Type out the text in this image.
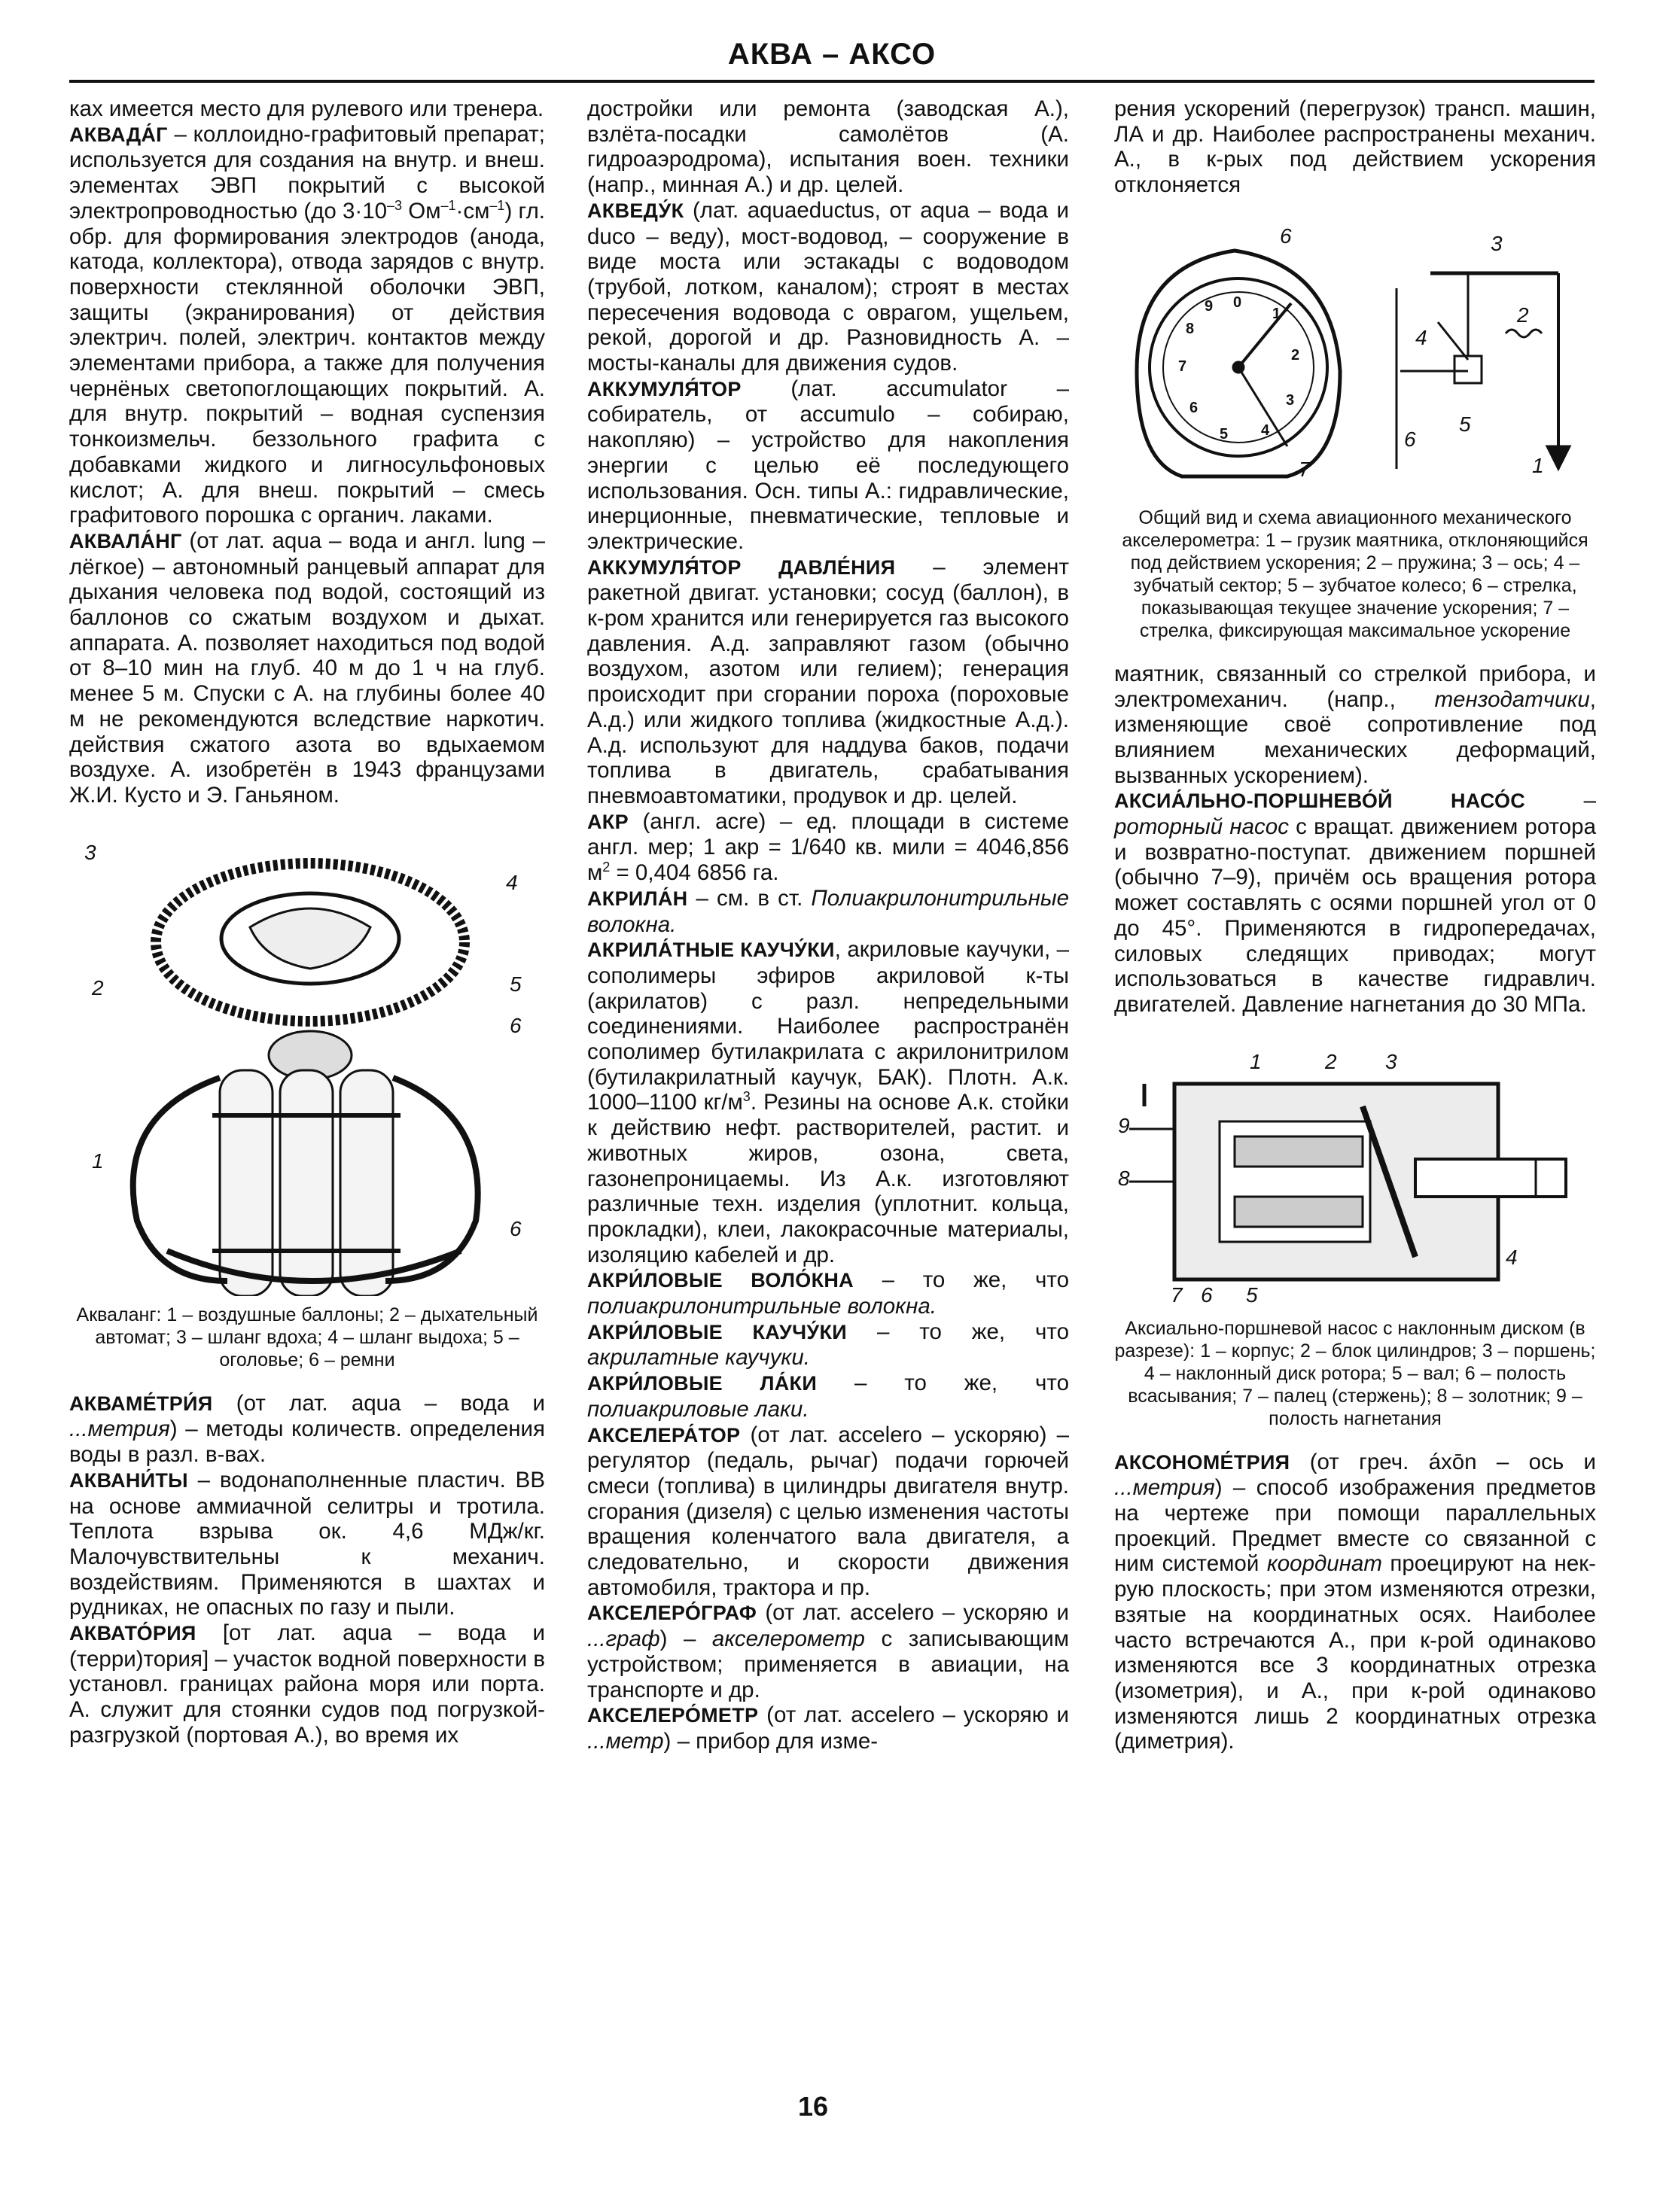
АКВА – АКСО

ках имеется место для рулевого или тренера.

АКВАДА́Г – коллоидно-графитовый препарат; используется для создания на внутр. и внеш. элементах ЭВП покрытий с высокой электропроводностью (до $3\cdot 10^{-3}$ $Ом^{-1}\cdot см^{-1}$) гл. обр. для формирования электродов (анода, катода, коллектора), отвода зарядов с внутр. поверхности стеклянной оболочки ЭВП, защиты (экранирования) от действия электрич. полей, электрич. контактов между элементами прибора, а также для получения чернёных светопоглощающих покрытий. А. для внутр. покрытий – водная суспензия тонкоизмельч. беззольного графита с добавками жидкого и лигносульфоновых кислот; А. для внеш. покрытий – смесь графитового порошка с органич. лаками.

АКВАЛА́НГ (от лат. aqua – вода и англ. lung – лёгкое) – автономный ранцевый аппарат для дыхания человека под водой, состоящий из баллонов со сжатым воздухом и дыхат. аппарата. А. позволяет находиться под водой от 8–10 мин на глуб. 40 м до 1 ч на глуб. менее 5 м. Спуски с А. на глубины более 40 м не рекомендуются вследствие наркотич. действия сжатого азота во вдыхаемом воздухе. А. изобретён в 1943 французами Ж.И. Кусто и Э. Ганьяном.

3
4
5
2
6
1
6
Акваланг: 1 – воздушные баллоны; 2 – дыхательный автомат; 3 – шланг вдоха; 4 – шланг выдоха; 5 – оголовье; 6 – ремни

АКВАМЕ́ТРИ́Я (от лат. aqua – вода и ...метрия) – методы количеств. определения воды в разл. в-вах.

АКВАНИ́ТЫ – водонаполненные пластич. ВВ на основе аммиачной селитры и тротила. Теплота взрыва ок. 4,6 МДж/кг. Малочувствительны к механич. воздействиям. Применяются в шахтах и рудниках, не опасных по газу и пыли.

АКВАТО́РИЯ [от лат. aqua – вода и (терри)тория] – участок водной поверхности в установл. границах района моря или порта. А. служит для стоянки судов под погрузкой-разгрузкой (портовая А.), во время их

достройки или ремонта (заводская А.), взлёта-посадки самолётов (А. гидроаэродрома), испытания воен. техники (напр., минная А.) и др. целей.

АКВЕДУ́К (лат. aquaeductus, от aqua – вода и duco – веду), мост-водовод, – сооружение в виде моста или эстакады с водоводом (трубой, лотком, каналом); строят в местах пересечения водовода с оврагом, ущельем, рекой, дорогой и др. Разновидность А. – мосты-каналы для движения судов.

АККУМУЛЯ́ТОР (лат. accumulator – собиратель, от accumulo – собираю, накопляю) – устройство для накопления энергии с целью её последующего использования. Осн. типы А.: гидравлические, инерционные, пневматические, тепловые и электрические.

АККУМУЛЯ́ТОР ДАВЛЕ́НИЯ – элемент ракетной двигат. установки; сосуд (баллон), в к-ром хранится или генерируется газ высокого давления. А.д. заправляют газом (обычно воздухом, азотом или гелием); генерация происходит при сгорании пороха (пороховые А.д.) или жидкого топлива (жидкостные А.д.). А.д. используют для наддува баков, подачи топлива в двигатель, срабатывания пневмоавтоматики, продувок и др. целей.

АКР (англ. acre) – ед. площади в системе англ. мер; 1 акр = 1/640 кв. мили = 4046,856 $м^2 = 0,404$ 6856 га.

АКРИЛА́Н – см. в ст. Полиакрилонитрильные волокна.

АКРИЛА́ТНЫЕ КАУЧУ́КИ, акриловые каучуки, – сополимеры эфиров акриловой к-ты (акрилатов) с разл. непредельными соединениями. Наиболее распространён сополимер бутилакрилата с акрилонитрилом (бутилакрилатный каучук, БАК). Плотн. А.к. 1000–1100 $кг/м^3$. Резины на основе А.к. стойки к действию нефт. растворителей, растит. и животных жиров, озона, света, газонепроницаемы. Из А.к. изготовляют различные техн. изделия (уплотнит. кольца, прокладки), клеи, лакокрасочные материалы, изоляцию кабелей и др.

АКРИ́ЛОВЫЕ ВОЛО́КНА – то же, что полиакрилонитрильные волокна.

АКРИ́ЛОВЫЕ КАУЧУ́КИ – то же, что акрилатные каучуки.

АКРИ́ЛОВЫЕ ЛА́КИ – то же, что полиакриловые лаки.

АКСЕЛЕРА́ТОР (от лат. accelero – ускоряю) – регулятор (педаль, рычаг) подачи горючей смеси (топлива) в цилиндры двигателя внутр. сгорания (дизеля) с целью изменения частоты вращения коленчатого вала двигателя, а следовательно, и скорости движения автомобиля, трактора и пр.

АКСЕЛЕРО́ГРАФ (от лат. accelero – ускоряю и ...граф) – акселерометр с записывающим устройством; применяется в авиации, на транспорте и др.

АКСЕЛЕРО́МЕТР (от лат. accelero – ускоряю и ...метр) – прибор для изме-

рения ускорений (перегрузок) трансп. машин, ЛА и др. Наиболее распространены механич. А., в к-рых под действием ускорения отклоняется

0
1
2
3
4
5
6
7
8
9
6	3
4
2
5
6
1
7
Общий вид и схема авиационного механического акселерометра: 1 – грузик маятника, отклоняющийся под действием ускорения; 2 – пружина; 3 – ось; 4 – зубчатый сектор; 5 – зубчатое колесо; 6 – стрелка, показывающая текущее значение ускорения; 7 – стрелка, фиксирующая максимальное ускорение

маятник, связанный со стрелкой прибора, и электромеханич. (напр., тензодатчики, изменяющие своё сопротивление под влиянием механических деформаций, вызванных ускорением).

АКСИА́ЛЬНО-ПОРШНЕВО́Й НАСО́С – роторный насос с вращат. движением ротора и возвратно-поступат. движением поршней (обычно 7–9), причём ось вращения ротора может составлять с осями поршней угол от 0 до 45°. Применяются в гидропередачах, силовых следящих приводах; могут использоваться в качестве гидравлич. двигателей. Давление нагнетания до 30 МПа.

1	2 3
9
8
4
7 6 5
Аксиально-поршневой насос с наклонным диском (в разрезе): 1 – корпус; 2 – блок цилиндров; 3 – поршень; 4 – наклонный диск ротора; 5 – вал; 6 – полость всасывания; 7 – палец (стержень); 8 – золотник; 9 – полость нагнетания

АКСОНОМЕ́ТРИЯ (от греч. áxōn – ось и ...метрия) – способ изображения предметов на чертеже при помощи параллельных проекций. Предмет вместе со связанной с ним системой координат проецируют на нек-рую плоскость; при этом изменяются отрезки, взятые на координатных осях. Наиболее часто встречаются А., при к-рой одинаково изменяются все 3 координатных отрезка (изометрия), и А., при к-рой одинаково изменяются лишь 2 координатных отрезка (диметрия).

16
